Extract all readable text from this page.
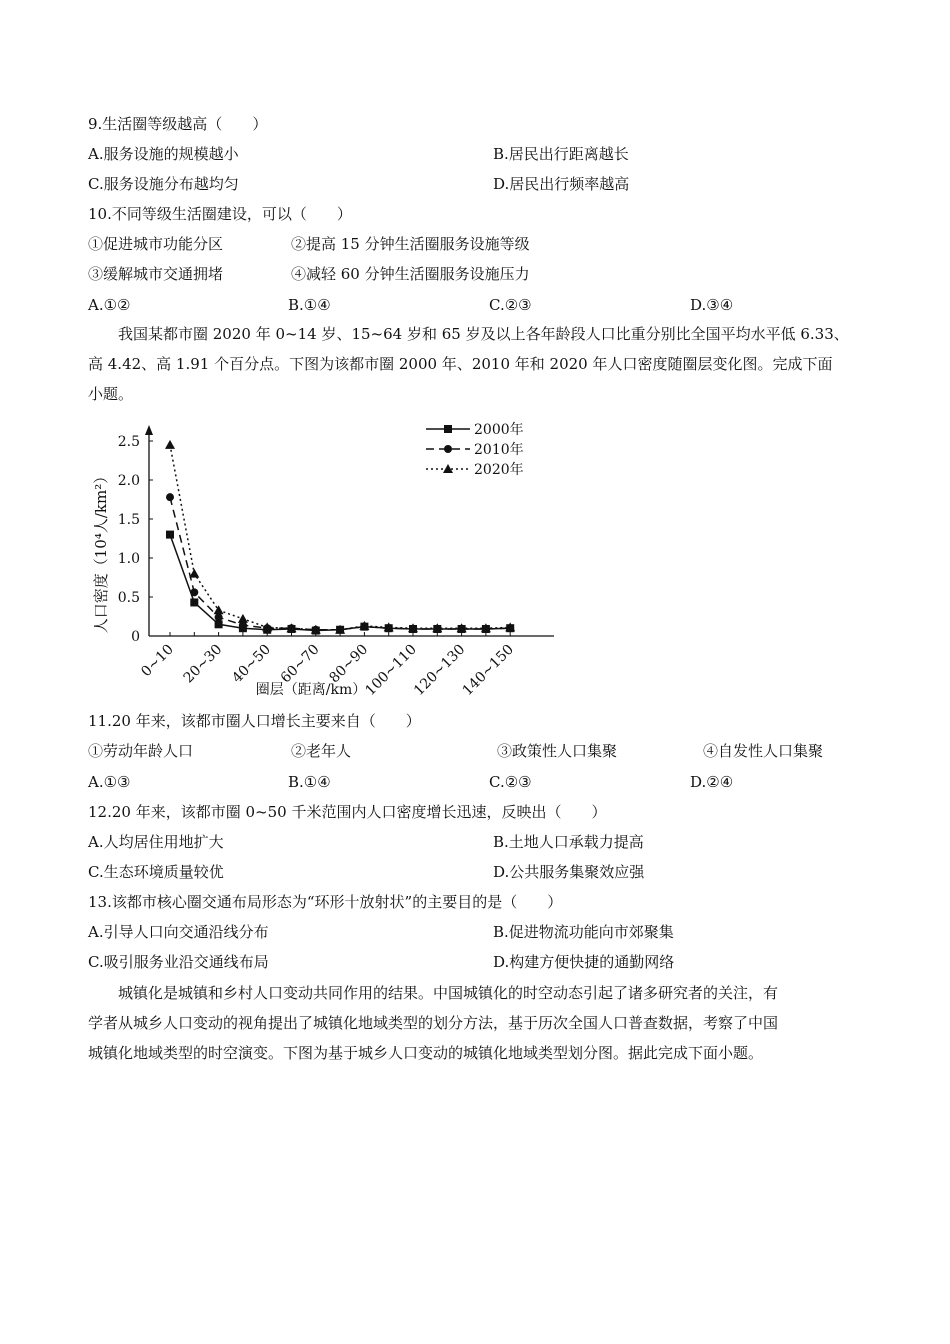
9.生活圈等级越高（　　）
A.服务设施的规模越小	B.居民出行距离越长
C.服务设施分布越均匀	D.居民出行频率越高
10.不同等级生活圈建设，可以（　　）
①促进城市功能分区	②提高 15 分钟生活圈服务设施等级
③缓解城市交通拥堵	④减轻 60 分钟生活圈服务设施压力
A.①②	B.①④	C.②③	D.③④
我国某都市圈 2020 年 0~14 岁、15~64 岁和 65 岁及以上各年龄段人口比重分别比全国平均水平低 6.33、
高 4.42、高 1.91 个百分点。下图为该都市圈 2000 年、2010 年和 2020 年人口密度随圈层变化图。完成下面
小题。
0
0.5
1.0
1.5
2.0
2.5
0~10 20~30 40~50 60~70 80~90
100~110
120~130
140~150
圈层（距离/km）
人口密度（10⁴人/km²）
2000年
2010年
2020年
11.20 年来，该都市圈人口增长主要来自（　　）
①劳动年龄人口	②老年人	③政策性人口集聚	④自发性人口集聚
A.①③	B.①④	C.②③	D.②④
12.20 年来，该都市圈 0~50 千米范围内人口密度增长迅速，反映出（　　）
A.人均居住用地扩大	B.土地人口承载力提高
C.生态环境质量较优	D.公共服务集聚效应强
13.该都市核心圈交通布局形态为“环形十放射状”的主要目的是（　　）
A.引导人口向交通沿线分布	B.促进物流功能向市郊聚集
C.吸引服务业沿交通线布局	D.构建方便快捷的通勤网络
城镇化是城镇和乡村人口变动共同作用的结果。中国城镇化的时空动态引起了诸多研究者的关注，有
学者从城乡人口变动的视角提出了城镇化地域类型的划分方法，基于历次全国人口普查数据，考察了中国
城镇化地域类型的时空演变。下图为基于城乡人口变动的城镇化地域类型划分图。据此完成下面小题。
